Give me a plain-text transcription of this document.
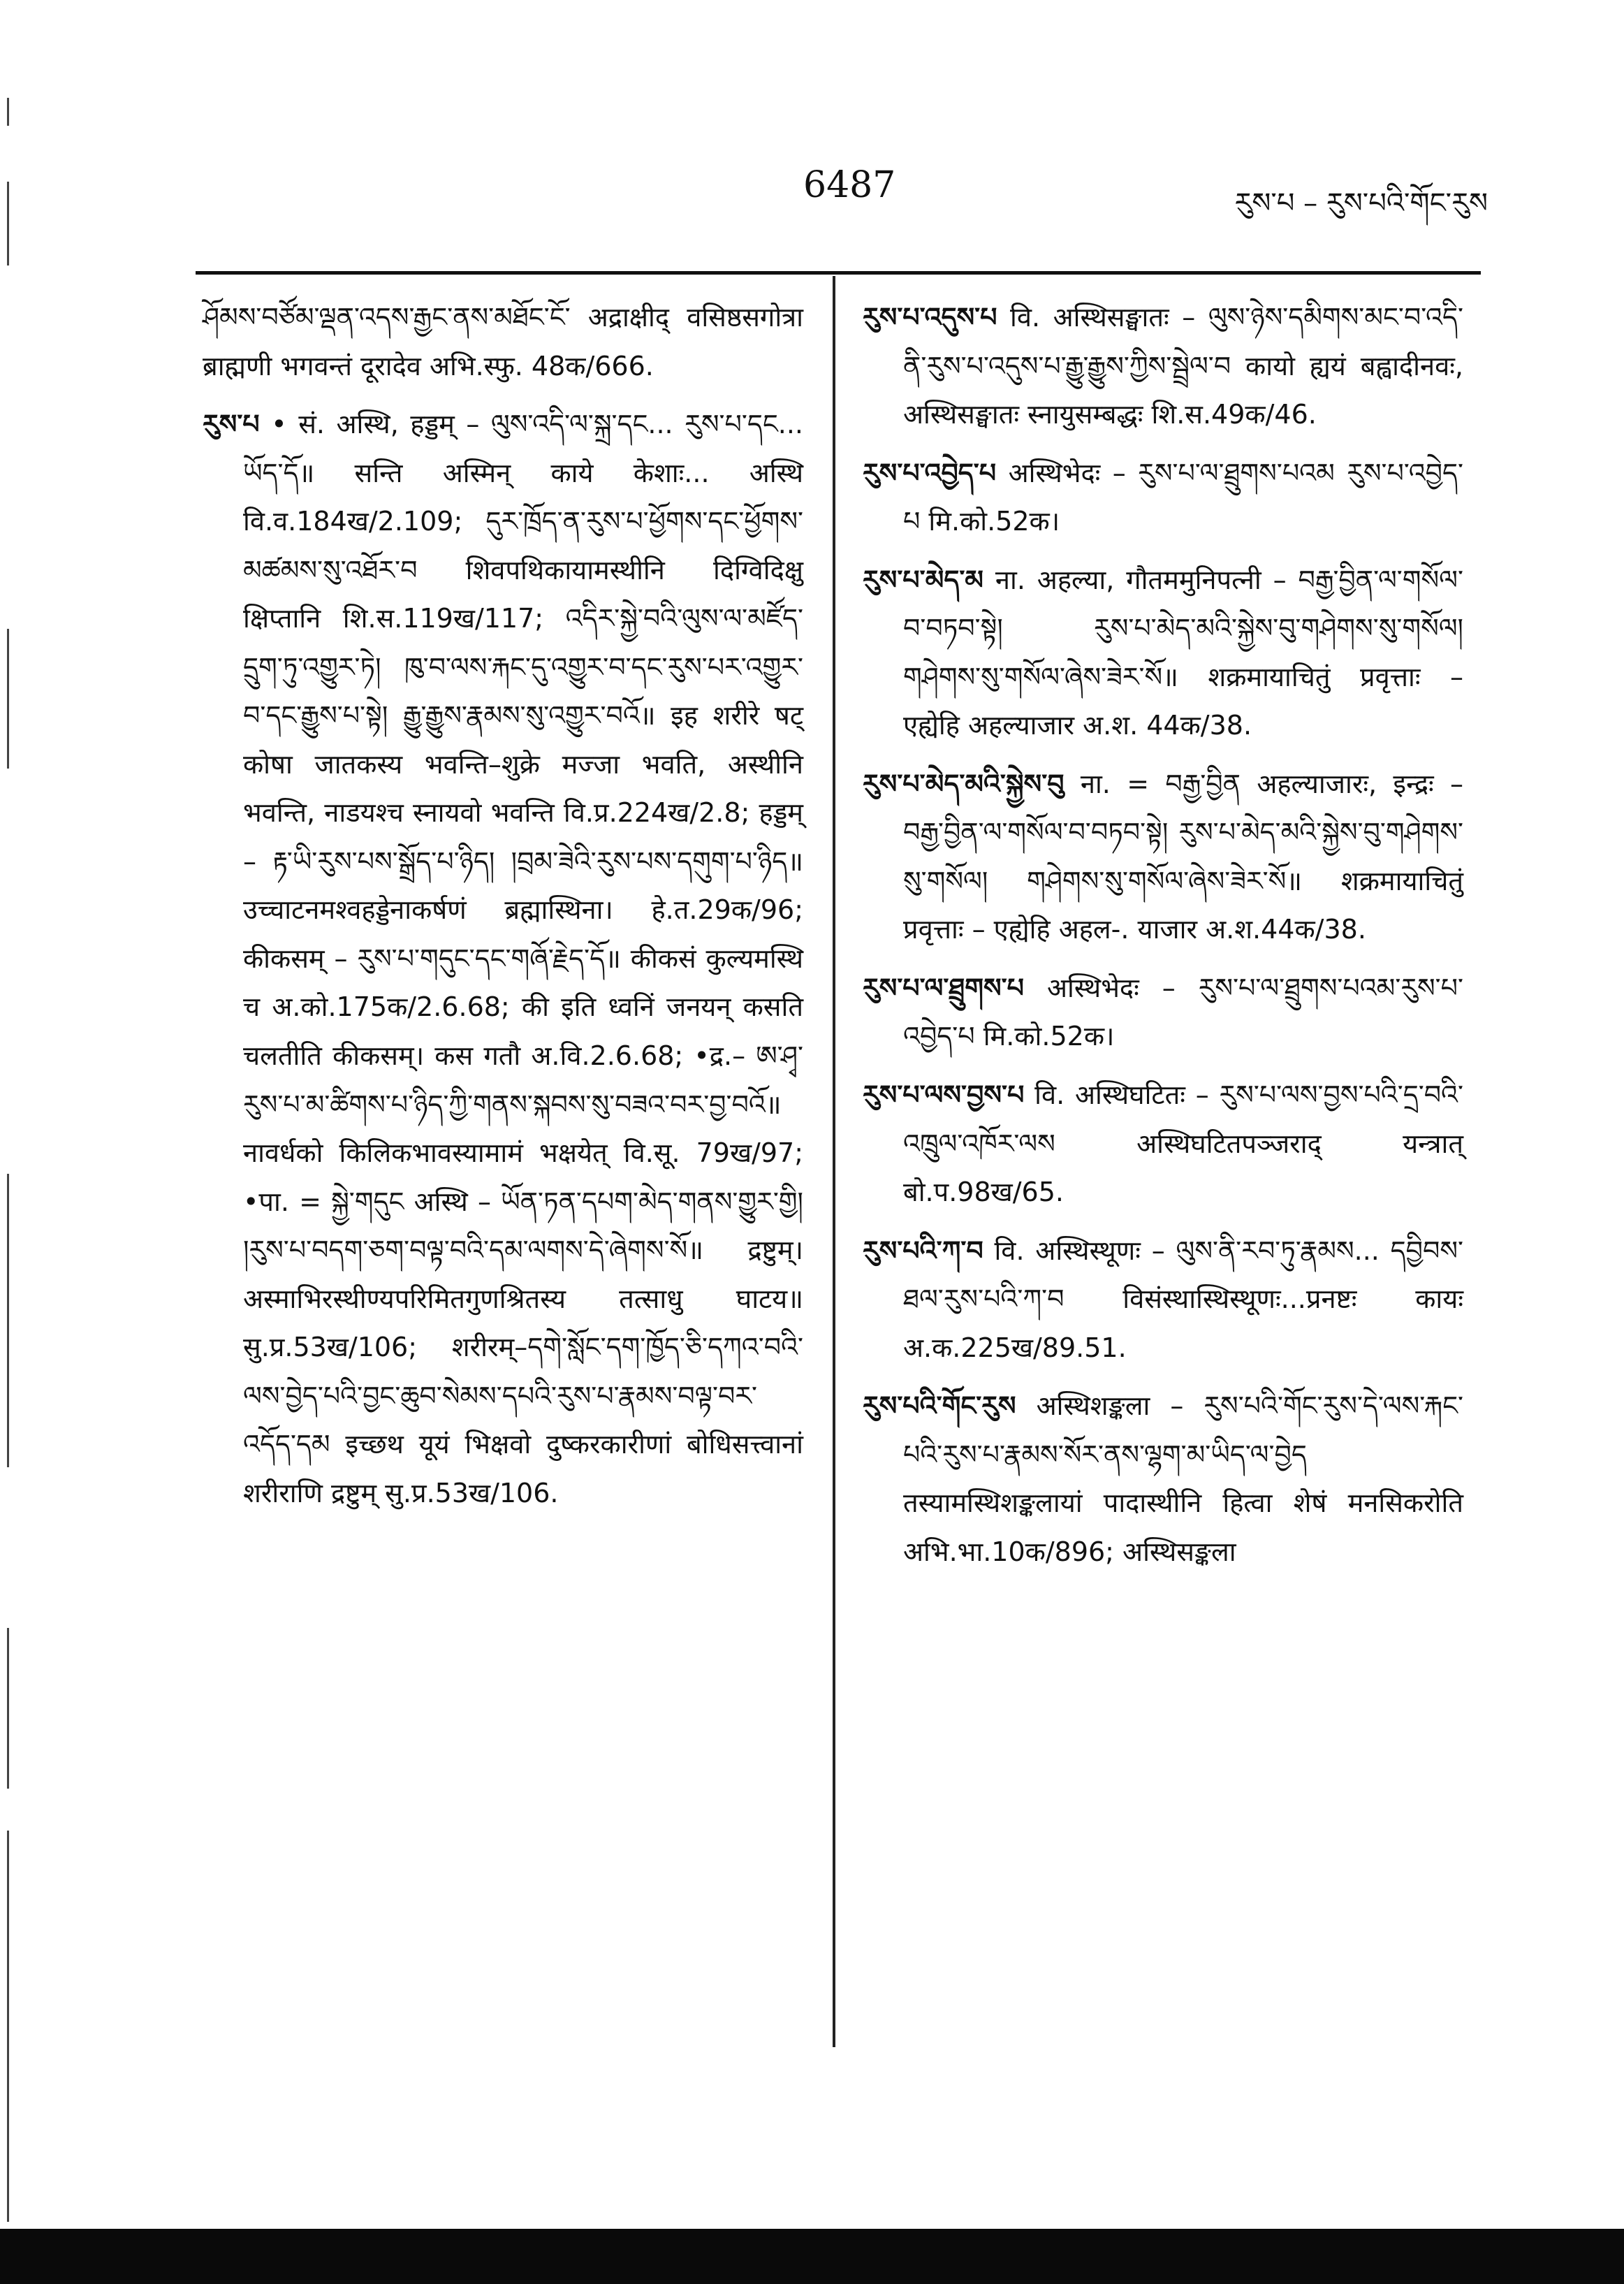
6487	རུས་པ – རུས་པའི་གོང་རུས

ཤོམས་བཙོམ་ལྡན་འདས་རྒྱང་ནས་མཐོང་ངོ་ अद्राक्षीद् वसिष्ठसगोत्रा ब्राह्मणी भगवन्तं दूरादेव अभि.स्फु. 48क/666.

རུས་པ • सं. अस्थि, हड्डम् – ལུས་འདི་ལ་སྐྲ་དང... རུས་པ་དང... ཡོད་དོ॥ सन्ति अस्मिन् काये केशाः... अस्थि वि.व.184ख/2.109; དུར་ཁྲོད་ན་རུས་པ་ཕྱོགས་དང་ཕྱོགས་མཚམས་སུ་འཐོར་བ शिवपथिकायामस्थीनि दिग्विदिक्षु क्षिप्तानि शि.स.119ख/117; འདིར་སྐྱེ་བའི་ལུས་ལ་མཛོད་དྲུག་ཏུ་འགྱུར་ཏེ། ཁུ་བ་ལས་རྐང་དུ་འགྱུར་བ་དང་རུས་པར་འགྱུར་བ་དང་རྒྱུས་པ་སྟེ། རྒྱུ་རྒྱུས་རྣམས་སུ་འགྱུར་བའོ॥ इह शरीरे षट् कोषा जातकस्य भवन्ति–शुक्रे मज्जा भवति, अस्थीनि भवन्ति, नाडयश्च स्नायवो भवन्ति वि.प्र.224ख/2.8; हड्डम् – རྟ་ཡི་རུས་པས་སྒྲོད་པ་ཉིད། །བྲམ་ཟེའི་རུས་པས་དགུག་པ་ཉིད॥ उच्चाटनमश्वहड्डेनाकर्षणं ब्रह्मास्थिना। हे.त.29क/96; कीकसम् – རུས་པ་གདུང་དང་གཞོ་རྗེད་དོ॥ कीकसं कुल्यमस्थि च अ.को.175क/2.6.68; की इति ध्वनिं जनयन् कसति चलतीति कीकसम्। कस गतौ अ.वि.2.6.68; •द्र.– ཨ་ཤྭ་རུས་པ་མ་ཚིགས་པ་ཉིད་ཀྱི་གནས་སྐབས་སུ་བཟའ་བར་བྱ་བའོ॥ नावर्धको किलिकभावस्यामामं भक्षयेत् वि.सू. 79ख/97; •पा. = སྐྱེ་གདུང अस्थि – ཡོན་ཏན་དཔག་མེད་གནས་གྱུར་གྱི། །རུས་པ་བདག་ཅག་བལྟ་བའི་དམ་ལགས་དེ་ཞེགས་སོ॥ द्रष्टुम्। अस्माभिरस्थीण्यपरिमितगुणश्रितस्य तत्साधु घाटय॥ सु.प्र.53ख/106; शरीरम्–དགེ་སློང་དག་ཁྱོད་ཅི་དཀའ་བའི་ལས་བྱེད་པའི་བྱང་ཆུབ་སེམས་དཔའི་རུས་པ་རྣམས་བལྟ་བར་འདོད་དམ इच्छथ यूयं भिक्षवो दुष्करकारीणां बोधिसत्त्वानां शरीराणि द्रष्टुम् सु.प्र.53ख/106.

རུས་པ་འདུས་པ वि. अस्थिसङ्घातः – ལུས་ཉེས་དམིགས་མང་བ་འདི་ནི་རུས་པ་འདུས་པ་རྒྱུ་རྒྱུས་ཀྱིས་སྦྲེལ་བ कायो ह्ययं बह्वादीनवः, अस्थिसङ्घातः स्नायुसम्बद्धः शि.स.49क/46.

རུས་པ་འབྱེད་པ अस्थिभेदः – རུས་པ་ལ་ཐྲུགས་པའམ རུས་པ་འབྱེད་པ मि.को.52क।

རུས་པ་མེད་མ ना. अहल्या, गौतममुनिपत्नी – བརྒྱ་བྱིན་ལ་གསོལ་བ་བཏབ་སྟེ། རུས་པ་མེད་མའི་སྐྱེས་བུ་གཤེགས་སུ་གསོལ། གཤེགས་སུ་གསོལ་ཞེས་ཟེར་སོ॥ शक्रमायाचितुं प्रवृत्ताः – एह्येहि अहल्याजार अ.श. 44क/38.

རུས་པ་མེད་མའི་སྐྱེས་བུ ना. = བརྒྱ་བྱིན अहल्याजारः, इन्द्रः – བརྒྱ་བྱིན་ལ་གསོལ་བ་བཏབ་སྟེ། རུས་པ་མེད་མའི་སྐྱེས་བུ་གཤེགས་སུ་གསོལ། གཤེགས་སུ་གསོལ་ཞེས་ཟེར་སོ॥ शक्रमायाचितुं प्रवृत्ताः – एह्येहि अहल-. याजार अ.श.44क/38.

རུས་པ་ལ་ཐྲུགས་པ अस्थिभेदः – རུས་པ་ལ་ཐྲུགས་པའམ་རུས་པ་འབྱེད་པ मि.को.52क।

རུས་པ་ལས་བྱས་པ वि. अस्थिघटितः – རུས་པ་ལས་བྱས་པའི་དྲ་བའི་འཁྲུལ་འཁོར་ལས अस्थिघटितपञ्जराद् यन्त्रात् बो.प.98ख/65.

རུས་པའི་ཀ་བ वि. अस्थिस्थूणः – ལུས་ནི་རབ་ཏུ་རྣམས... དབྱིབས་ཐལ་རུས་པའི་ཀ་བ विसंस्थास्थिस्थूणः...प्रनष्टः कायः अ.क.225ख/89.51.

རུས་པའི་གོང་རུས अस्थिशङ्कला – རུས་པའི་གོང་རུས་དེ་ལས་རྐང་པའི་རུས་པ་རྣམས་སོར་ནས་ལྷག་མ་ཡིད་ལ་བྱེད तस्यामस्थिशङ्कलायां पादास्थीनि हित्वा शेषं मनसिकरोति अभि.भा.10क/896; अस्थिसङ्कला
